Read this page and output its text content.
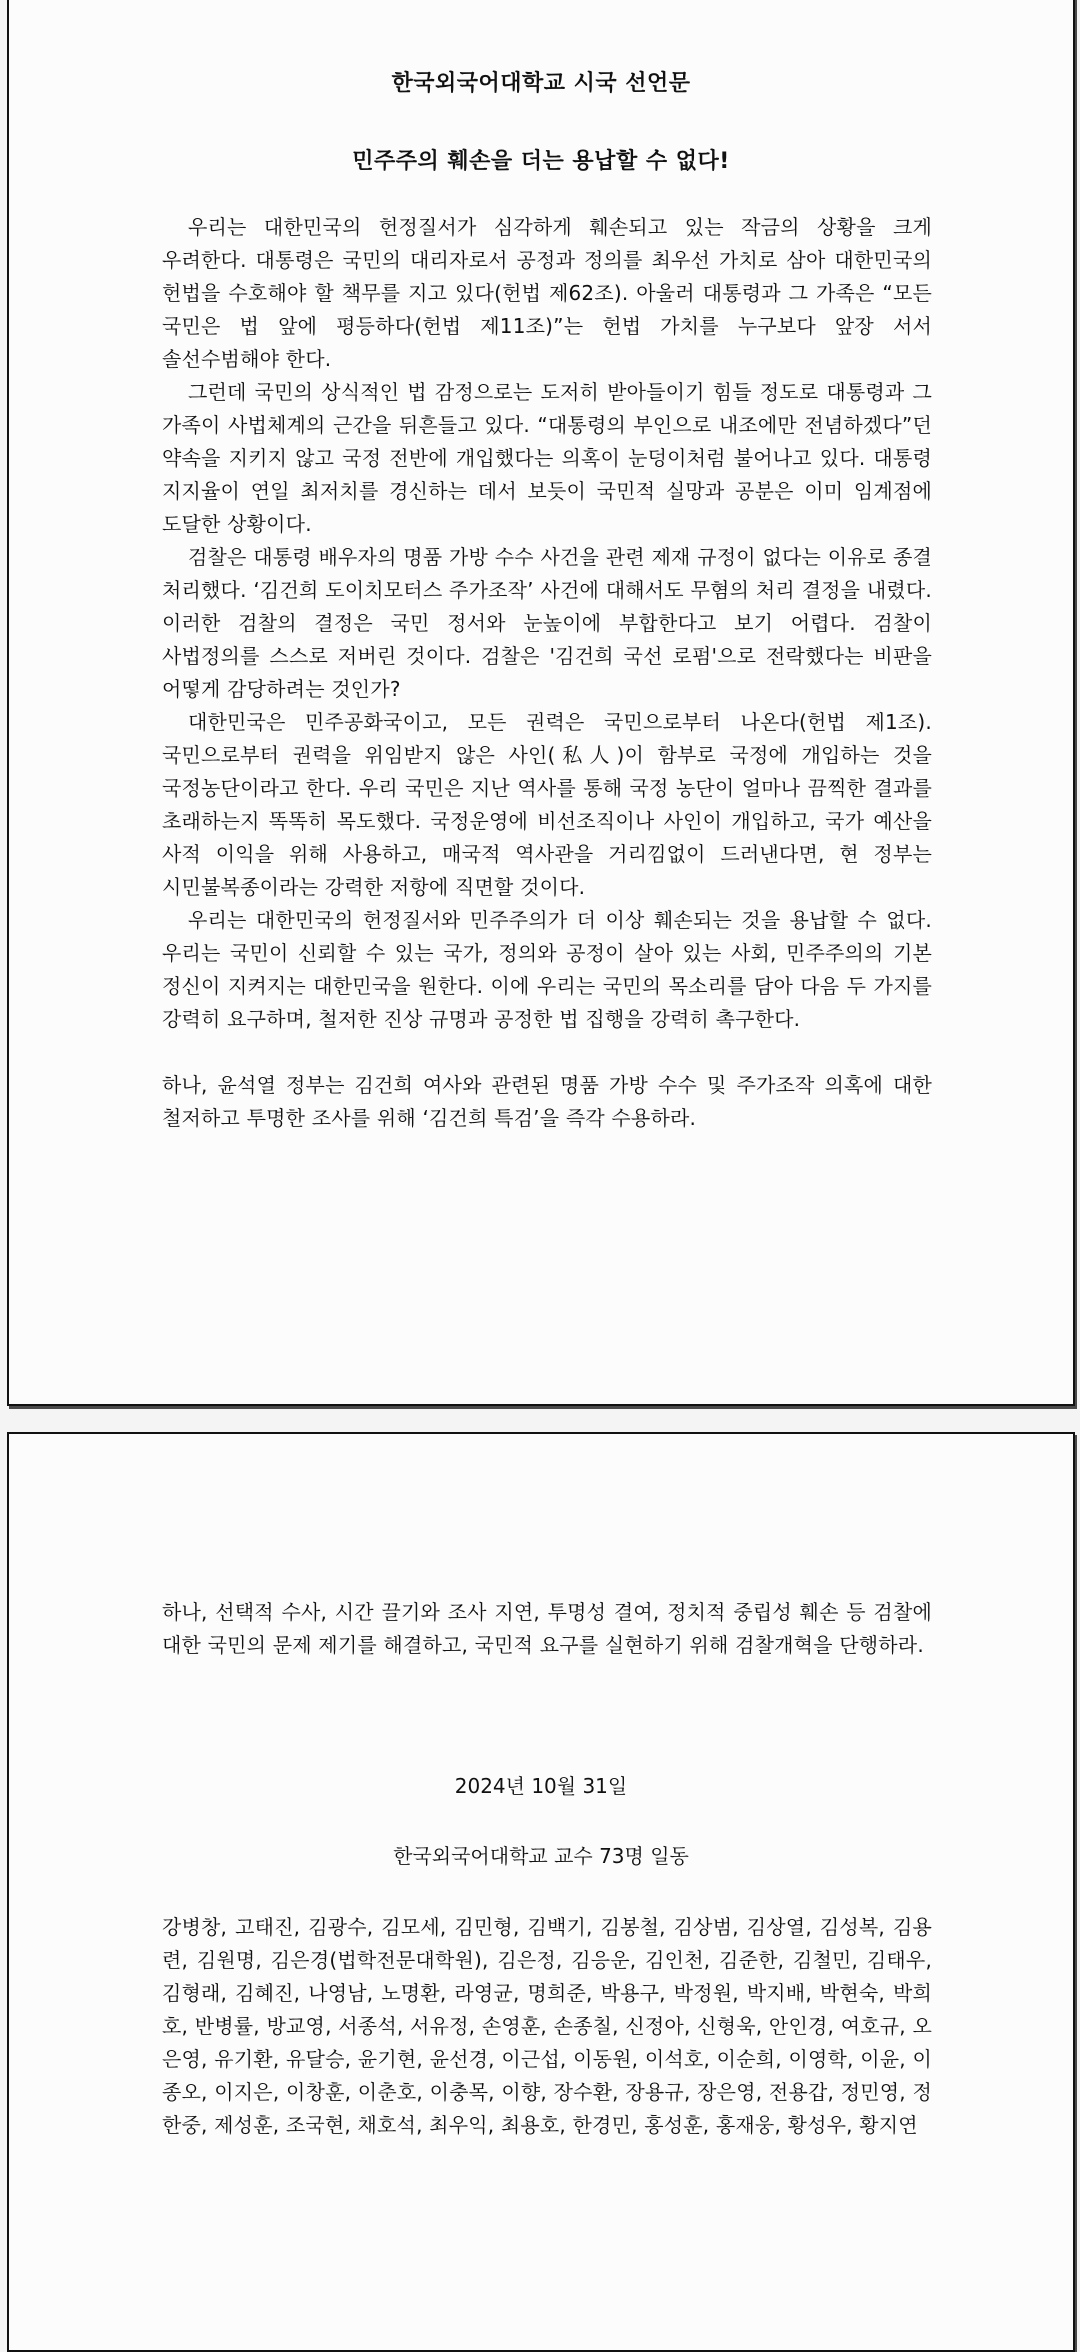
한국외국어대학교 시국 선언문
민주주의 훼손을 더는 용납할 수 없다!

우리는 대한민국의 헌정질서가 심각하게 훼손되고 있는 작금의 상황을 크게 우려한다. 대통령은 국민의 대리자로서 공정과 정의를 최우선 가치로 삼아 대한민국의 헌법을 수호해야 할 책무를 지고 있다(헌법 제62조). 아울러 대통령과 그 가족은 “모든 국민은 법 앞에 평등하다(헌법 제11조)”는 헌법 가치를 누구보다 앞장 서서 솔선수범해야 한다.

그런데 국민의 상식적인 법 감정으로는 도저히 받아들이기 힘들 정도로 대통령과 그 가족이 사법체계의 근간을 뒤흔들고 있다. “대통령의 부인으로 내조에만 전념하겠다”던 약속을 지키지 않고 국정 전반에 개입했다는 의혹이 눈덩이처럼 불어나고 있다. 대통령 지지율이 연일 최저치를 경신하는 데서 보듯이 국민적 실망과 공분은 이미 임계점에 도달한 상황이다.

검찰은 대통령 배우자의 명품 가방 수수 사건을 관련 제재 규정이 없다는 이유로 종결 처리했다. ‘김건희 도이치모터스 주가조작’ 사건에 대해서도 무혐의 처리 결정을 내렸다. 이러한 검찰의 결정은 국민 정서와 눈높이에 부합한다고 보기 어렵다. 검찰이 사법정의를 스스로 저버린 것이다. 검찰은 '김건희 국선 로펌'으로 전락했다는 비판을 어떻게 감당하려는 것인가?

대한민국은 민주공화국이고, 모든 권력은 국민으로부터 나온다(헌법 제1조). 국민으로부터 권력을 위임받지 않은 사인(私人)이 함부로 국정에 개입하는 것을 국정농단이라고 한다. 우리 국민은 지난 역사를 통해 국정 농단이 얼마나 끔찍한 결과를 초래하는지 똑똑히 목도했다. 국정운영에 비선조직이나 사인이 개입하고, 국가 예산을 사적 이익을 위해 사용하고, 매국적 역사관을 거리낌없이 드러낸다면, 현 정부는 시민불복종이라는 강력한 저항에 직면할 것이다.

우리는 대한민국의 헌정질서와 민주주의가 더 이상 훼손되는 것을 용납할 수 없다. 우리는 국민이 신뢰할 수 있는 국가, 정의와 공정이 살아 있는 사회, 민주주의의 기본 정신이 지켜지는 대한민국을 원한다. 이에 우리는 국민의 목소리를 담아 다음 두 가지를 강력히 요구하며, 철저한 진상 규명과 공정한 법 집행을 강력히 촉구한다.

하나, 윤석열 정부는 김건희 여사와 관련된 명품 가방 수수 및 주가조작 의혹에 대한 철저하고 투명한 조사를 위해 ‘김건희 특검’을 즉각 수용하라.

하나, 선택적 수사, 시간 끌기와 조사 지연, 투명성 결여, 정치적 중립성 훼손 등 검찰에 대한 국민의 문제 제기를 해결하고, 국민적 요구를 실현하기 위해 검찰개혁을 단행하라.

2024년 10월 31일
한국외국어대학교 교수 73명 일동

강병창, 고태진, 김광수, 김모세, 김민형, 김백기, 김봉철, 김상범, 김상열, 김성복, 김용련, 김원명, 김은경(법학전문대학원), 김은정, 김응운, 김인천, 김준한, 김철민, 김태우, 김형래, 김혜진, 나영남, 노명환, 라영균, 명희준, 박용구, 박정원, 박지배, 박현숙, 박희호, 반병률, 방교영, 서종석, 서유정, 손영훈, 손종칠, 신정아, 신형욱, 안인경, 여호규, 오은영, 유기환, 유달승, 윤기현, 윤선경, 이근섭, 이동원, 이석호, 이순희, 이영학, 이윤, 이종오, 이지은, 이창훈, 이춘호, 이충목, 이향, 장수환, 장용규, 장은영, 전용갑, 정민영, 정한중, 제성훈, 조국현, 채호석, 최우익, 최용호, 한경민, 홍성훈, 홍재웅, 황성우, 황지연
